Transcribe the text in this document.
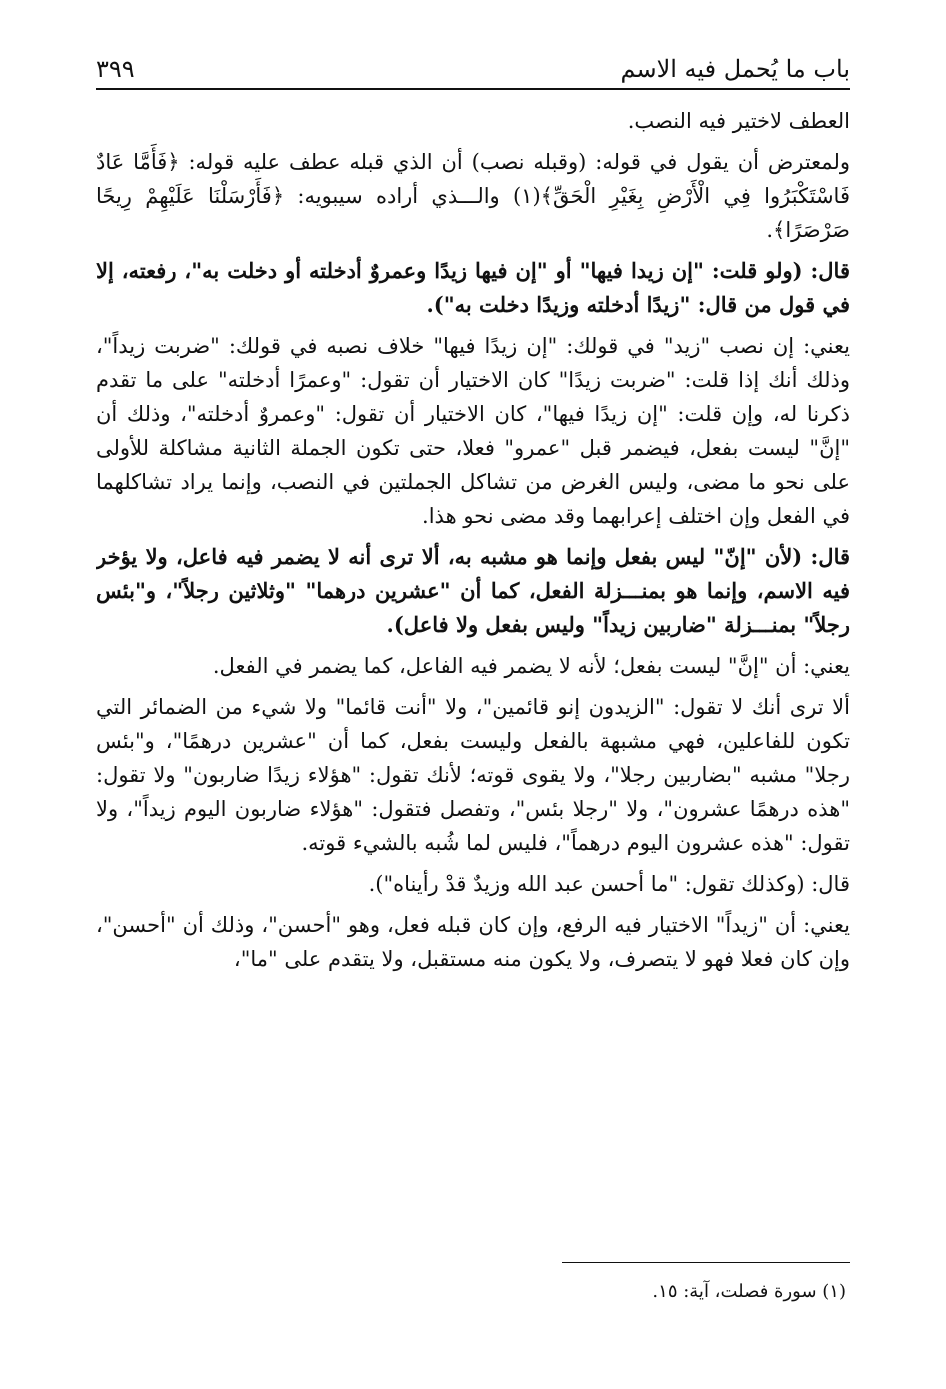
باب ما يُحمل فيه الاسم
٣٩٩

العطف لاختير فيه النصب.

ولمعترض أن يقول في قوله: (وقبله نصب) أن الذي قبله عطف عليه قوله: ﴿فَأَمَّا عَادٌ فَاسْتَكْبَرُوا فِي الْأَرْضِ بِغَيْرِ الْحَقِّ﴾(١) والـــذي أراده سيبويه: ﴿فَأَرْسَلْنَا عَلَيْهِمْ رِيحًا صَرْصَرًا﴾.

قال: (ولو قلت: "إن زيدا فيها" أو "إن فيها زيدًا وعمروٌ أدخلته أو دخلت به"، رفعته، إلا في قول من قال: "زيدًا أدخلته وزيدًا دخلت به").

يعني: إن نصب "زيد" في قولك: "إن زيدًا فيها" خلاف نصبه في قولك: "ضربت زيداً"، وذلك أنك إذا قلت: "ضربت زيدًا" كان الاختيار أن تقول: "وعمرًا أدخلته" على ما تقدم ذكرنا له، وإن قلت: "إن زيدًا فيها"، كان الاختيار أن تقول: "وعمروٌ أدخلته"، وذلك أن "إنَّ" ليست بفعل، فيضمر قبل "عمرو" فعلا، حتى تكون الجملة الثانية مشاكلة للأولى على نحو ما مضى، وليس الغرض من تشاكل الجملتين في النصب، وإنما يراد تشاكلهما في الفعل وإن اختلف إعرابهما وقد مضى نحو هذا.

قال: (لأن "إنّ" ليس بفعل وإنما هو مشبه به، ألا ترى أنه لا يضمر فيه فاعل، ولا يؤخر فيه الاسم، وإنما هو بمنـــزلة الفعل، كما أن "عشرين درهما" "وثلاثين رجلاً"، و"بئس رجلاً" بمنـــزلة "ضاربين زيداً" وليس بفعل ولا فاعل).

يعني: أن "إنَّ" ليست بفعل؛ لأنه لا يضمر فيه الفاعل، كما يضمر في الفعل.

ألا ترى أنك لا تقول: "الزيدون إنو قائمين"، ولا "أنت قائما" ولا شيء من الضمائر التي تكون للفاعلين، فهي مشبهة بالفعل وليست بفعل، كما أن "عشرين درهمًا"، و"بئس رجلا" مشبه "بضاربين رجلا"، ولا يقوى قوته؛ لأنك تقول: "هؤلاء زيدًا ضاربون" ولا تقول: "هذه درهمًا عشرون"، ولا "رجلا بئس"، وتفصل فتقول: "هؤلاء ضاربون اليوم زيداً"، ولا تقول: "هذه عشرون اليوم درهماً"، فليس لما شُبه بالشيء قوته.

قال: (وكذلك تقول: "ما أحسن عبد الله وزيدٌ قدْ رأيناه").

يعني: أن "زيداً" الاختيار فيه الرفع، وإن كان قبله فعل، وهو "أحسن"، وذلك أن "أحسن"، وإن كان فعلا فهو لا يتصرف، ولا يكون منه مستقبل، ولا يتقدم على "ما"،

(١) سورة فصلت، آية: ١٥.
